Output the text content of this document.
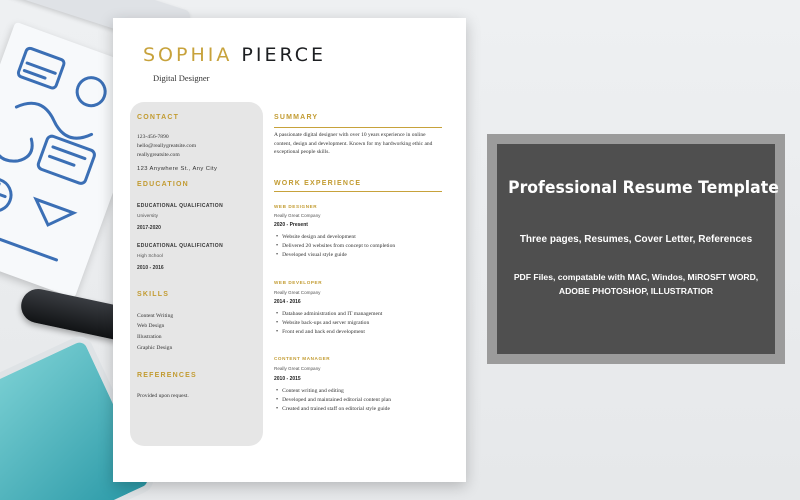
SOPHIA PIERCE
Digital Designer
CONTACT
123-456-7890
hello@reallygreatsite.com
reallygreatsite.com
123 Anywhere St., Any City
EDUCATION
EDUCATIONAL QUALIFICATION
University
2017-2020
EDUCATIONAL QUALIFICATION
High School
2010 - 2016
SKILLS
Content Writing
Web Design
Illustration
Graphic Design
REFERENCES
Provided upon request.
SUMMARY
A passionate digital designer with over 10 years experience in online content, design and development. Known for my hardworking ethic and exceptional people skills.
WORK EXPERIENCE
WEB DESIGNER
Really Great Company
2020 - Present
• Website design and development
• Delivered 20 websites from concept to completion
• Developed visual style guide
WEB DEVELOPER
Really Great Company
2014 - 2016
• Database administration and IT management
• Website back-ups and server migration
• Front end and back end development
CONTENT MANAGER
Really Great Company
2010 - 2015
• Content writing and editing
• Developed and maintained editorial content plan
• Created and trained staff on editorial style guide
Professional Resume Template
Three pages, Resumes, Cover Letter, References
PDF Files, compatable with MAC, Windos, MiROSFT WORD, ADOBE PHOTOSHOP, ILLUSTRATIOR
